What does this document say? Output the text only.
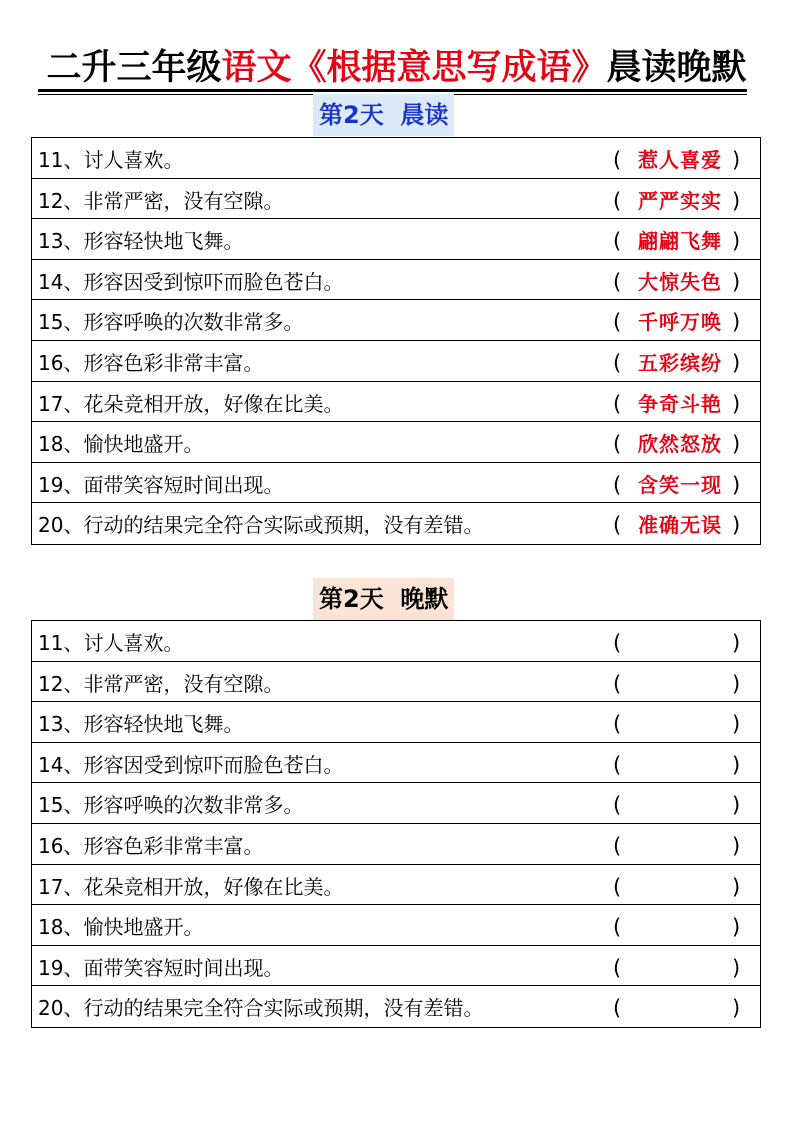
二升三年级语文《根据意思写成语》晨读晚默
第2天  晨读
11、讨人喜欢。	( 惹人喜爱 )
12、非常严密，没有空隙。	( 严严实实 )
13、形容轻快地飞舞。	( 翩翩飞舞 )
14、形容因受到惊吓而脸色苍白。	( 大惊失色 )
15、形容呼唤的次数非常多。	( 千呼万唤 )
16、形容色彩非常丰富。	( 五彩缤纷 )
17、花朵竞相开放，好像在比美。	( 争奇斗艳 )
18、愉快地盛开。	( 欣然怒放 )
19、面带笑容短时间出现。	( 含笑一现 )
20、行动的结果完全符合实际或预期，没有差错。	( 准确无误 )
第2天  晚默
11、讨人喜欢。	(	)
12、非常严密，没有空隙。	(	)
13、形容轻快地飞舞。	(	)
14、形容因受到惊吓而脸色苍白。	(	)
15、形容呼唤的次数非常多。	(	)
16、形容色彩非常丰富。	(	)
17、花朵竞相开放，好像在比美。	(	)
18、愉快地盛开。	(	)
19、面带笑容短时间出现。	(	)
20、行动的结果完全符合实际或预期，没有差错。	(	)
